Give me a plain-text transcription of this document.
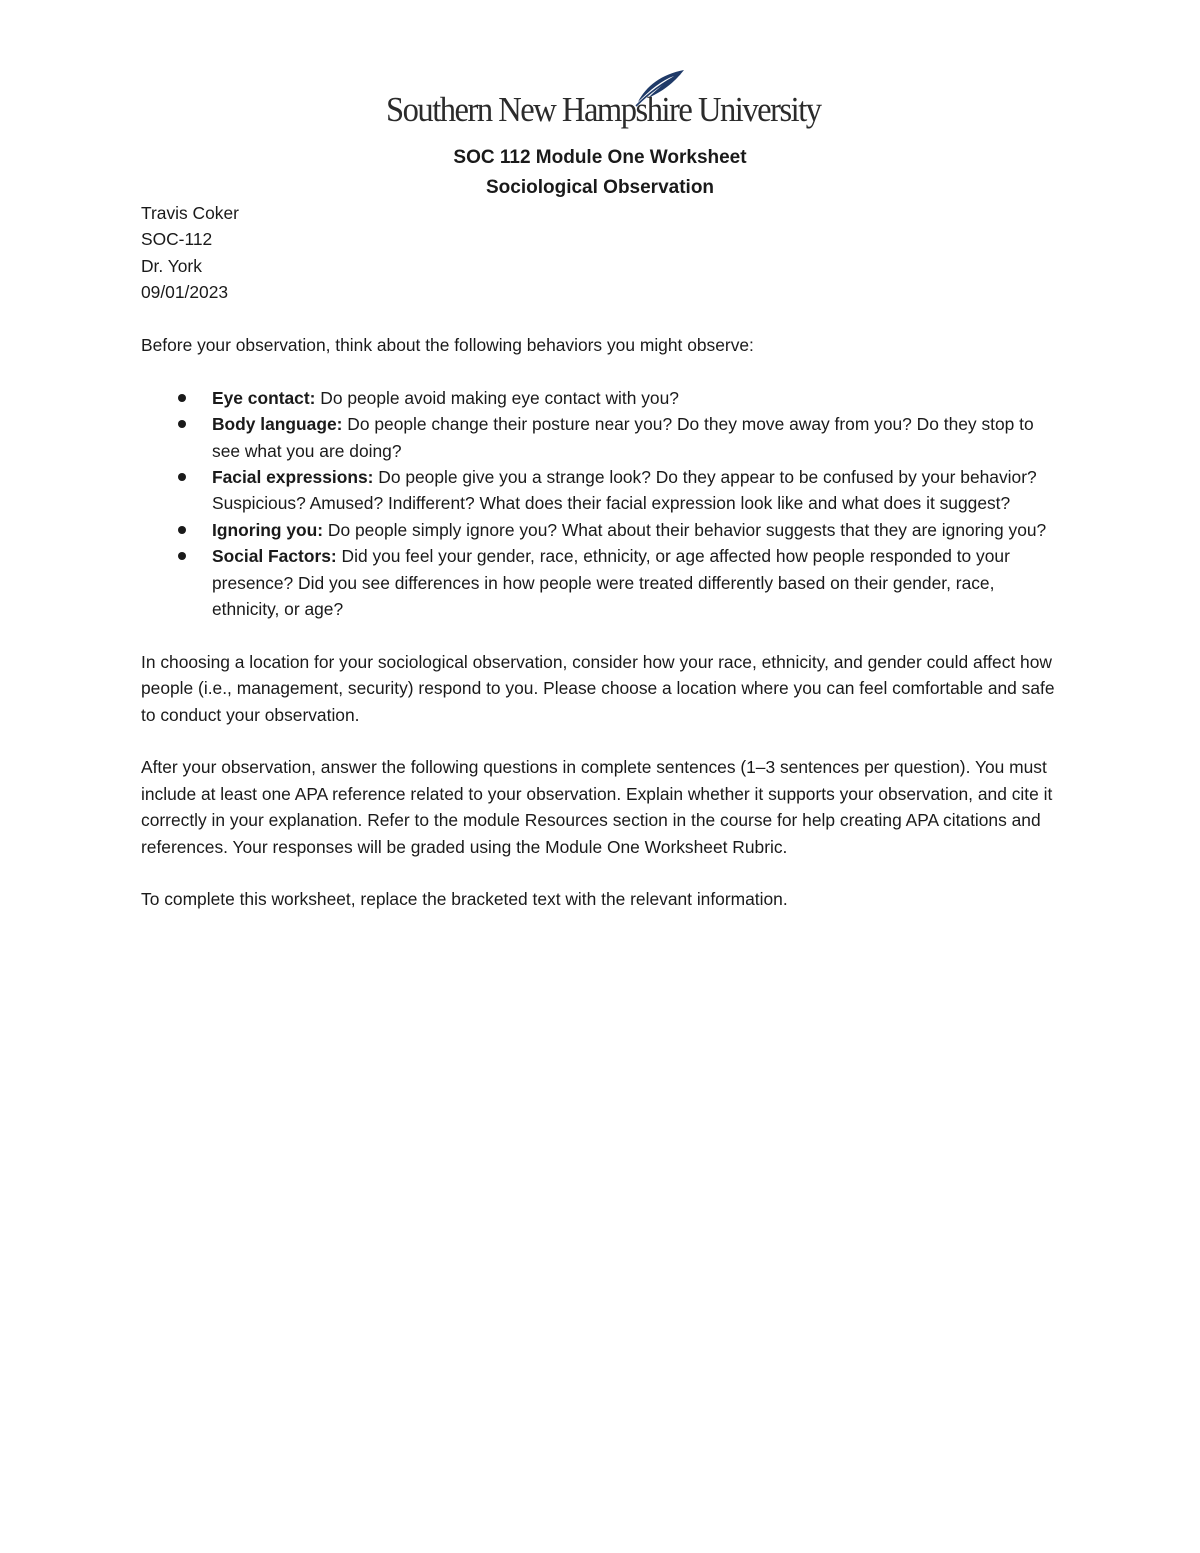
Southern New Hampshire University
SOC 112 Module One Worksheet
Sociological Observation

Travis Coker

SOC-112

Dr. York

09/01/2023

Before your observation, think about the following behaviors you might observe:

Eye contact: Do people avoid making eye contact with you?
Body language: Do people change their posture near you? Do they move away from you? Do they stop to see what you are doing?
Facial expressions: Do people give you a strange look? Do they appear to be confused by your behavior? Suspicious? Amused? Indifferent? What does their facial expression look like and what does it suggest?
Ignoring you: Do people simply ignore you? What about their behavior suggests that they are ignoring you?
Social Factors: Did you feel your gender, race, ethnicity, or age affected how people responded to your presence? Did you see differences in how people were treated differently based on their gender, race, ethnicity, or age?

In choosing a location for your sociological observation, consider how your race, ethnicity, and gender could affect how people (i.e., management, security) respond to you. Please choose a location where you can feel comfortable and safe to conduct your observation.

After your observation, answer the following questions in complete sentences (1–3 sentences per question). You must include at least one APA reference related to your observation. Explain whether it supports your observation, and cite it correctly in your explanation. Refer to the module Resources section in the course for help creating APA citations and references. Your responses will be graded using the Module One Worksheet Rubric.

To complete this worksheet, replace the bracketed text with the relevant information.
